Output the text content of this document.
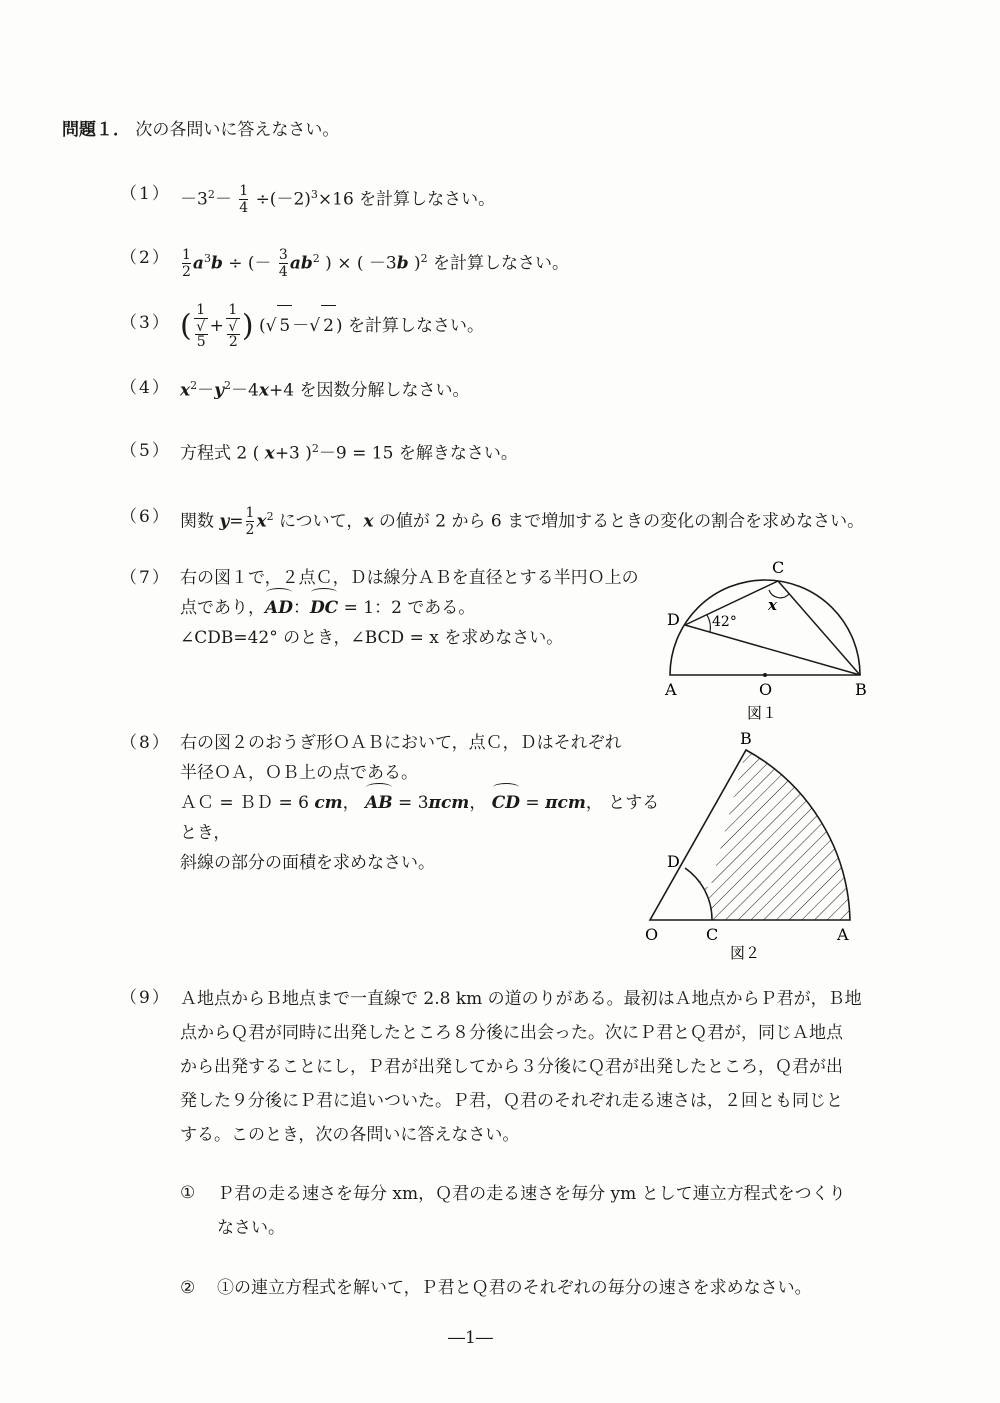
問題１． 次の各問いに答えなさい。
$(1) -3^2- \frac{1}{4} \div(-2)^3\times 16$ を計算しなさい。
$(2) \frac{1}{2} a^3b$ ÷ (－ $\frac{3}{4} ab^2$ ) × ( －3b )$^2$ を計算しなさい。
（3） ( 1
√
5 + 1
√
2 ) (√ 5 －√ 2 ) を計算しなさい。
（4） $x^2-y^2-4x+4$ を因数分解しなさい。
（5） 方程式 2 ( x+3 )$^2$－9 = 15 を解きなさい。
（6） 関数 $y= \frac{1}{2} x^2$ について，x の値が 2 から 6 まで増加するときの変化の割合を求めなさい。
（7） 右の図１で，２点Ｃ，Ｄは線分ＡＢを直径とする半円Ｏ上の
点であり，AD：DC = 1：2 である。
∠CDB=42° のとき，∠BCD = x を求めなさい。
A	O	B
C
D 42°
x
図１
（8） 右の図２のおうぎ形ＯＡＢにおいて，点Ｃ，Ｄはそれぞれ
半径ＯＡ，ＯＢ上の点である。
ＡＣ = ＢＤ = 6 cm， AB = 3πcm， CD = πcm， とするとき，
斜線の部分の面積を求めなさい。
B
D
O	C	A
図２
（9） Ａ地点からＢ地点まで一直線で 2.8 km の道のりがある。最初はＡ地点からＰ君が，Ｂ地
点からＱ君が同時に出発したところ８分後に出会った。次にＰ君とＱ君が，同じＡ地点
から出発することにし，Ｐ君が出発してから３分後にＱ君が出発したところ，Ｑ君が出
発した９分後にＰ君に追いついた。Ｐ君，Ｑ君のそれぞれ走る速さは，２回とも同じと
する。このとき，次の各問いに答えなさい。
① Ｐ君の走る速さを毎分 xm，Ｑ君の走る速さを毎分 ym として連立方程式をつくり
なさい。
② ①の連立方程式を解いて，Ｐ君とＱ君のそれぞれの毎分の速さを求めなさい。
―1―
